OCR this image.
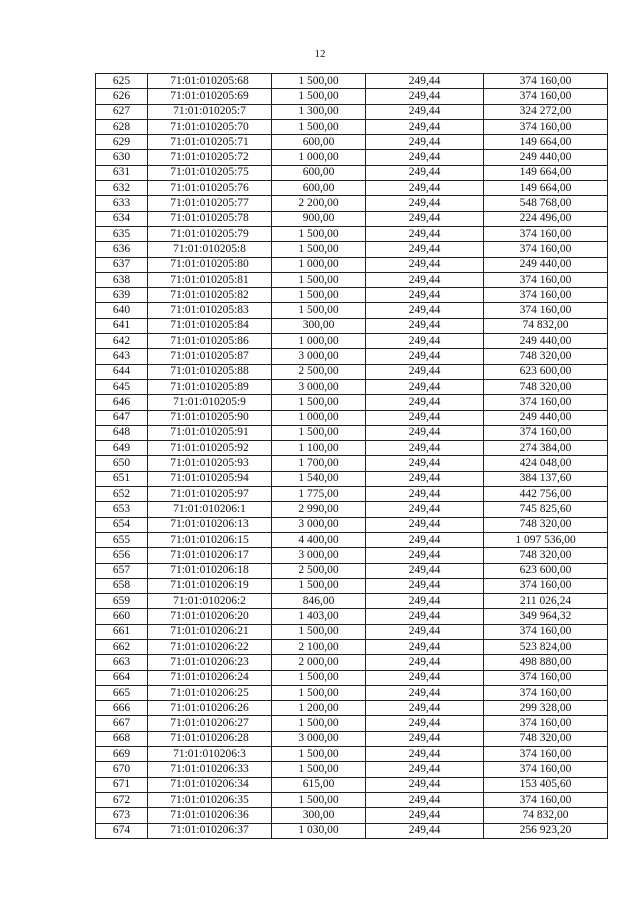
12
625	71:01:010205:68	1 500,00	249,44	374 160,00
626	71:01:010205:69	1 500,00	249,44	374 160,00
627	71:01:010205:7	1 300,00	249,44	324 272,00
628	71:01:010205:70	1 500,00	249,44	374 160,00
629	71:01:010205:71	600,00	249,44	149 664,00
630	71:01:010205:72	1 000,00	249,44	249 440,00
631	71:01:010205:75	600,00	249,44	149 664,00
632	71:01:010205:76	600,00	249,44	149 664,00
633	71:01:010205:77	2 200,00	249,44	548 768,00
634	71:01:010205:78	900,00	249,44	224 496,00
635	71:01:010205:79	1 500,00	249,44	374 160,00
636	71:01:010205:8	1 500,00	249,44	374 160,00
637	71:01:010205:80	1 000,00	249,44	249 440,00
638	71:01:010205:81	1 500,00	249,44	374 160,00
639	71:01:010205:82	1 500,00	249,44	374 160,00
640	71:01:010205:83	1 500,00	249,44	374 160,00
641	71:01:010205:84	300,00	249,44	74 832,00
642	71:01:010205:86	1 000,00	249,44	249 440,00
643	71:01:010205:87	3 000,00	249,44	748 320,00
644	71:01:010205:88	2 500,00	249,44	623 600,00
645	71:01:010205:89	3 000,00	249,44	748 320,00
646	71:01:010205:9	1 500,00	249,44	374 160,00
647	71:01:010205:90	1 000,00	249,44	249 440,00
648	71:01:010205:91	1 500,00	249,44	374 160,00
649	71:01:010205:92	1 100,00	249,44	274 384,00
650	71:01:010205:93	1 700,00	249,44	424 048,00
651	71:01:010205:94	1 540,00	249,44	384 137,60
652	71:01:010205:97	1 775,00	249,44	442 756,00
653	71:01:010206:1	2 990,00	249,44	745 825,60
654	71:01:010206:13	3 000,00	249,44	748 320,00
655	71:01:010206:15	4 400,00	249,44	1 097 536,00
656	71:01:010206:17	3 000,00	249,44	748 320,00
657	71:01:010206:18	2 500,00	249,44	623 600,00
658	71:01:010206:19	1 500,00	249,44	374 160,00
659	71:01:010206:2	846,00	249,44	211 026,24
660	71:01:010206:20	1 403,00	249,44	349 964,32
661	71:01:010206:21	1 500,00	249,44	374 160,00
662	71:01:010206:22	2 100,00	249,44	523 824,00
663	71:01:010206:23	2 000,00	249,44	498 880,00
664	71:01:010206:24	1 500,00	249,44	374 160,00
665	71:01:010206:25	1 500,00	249,44	374 160,00
666	71:01:010206:26	1 200,00	249,44	299 328,00
667	71:01:010206:27	1 500,00	249,44	374 160,00
668	71:01:010206:28	3 000,00	249,44	748 320,00
669	71:01:010206:3	1 500,00	249,44	374 160,00
670	71:01:010206:33	1 500,00	249,44	374 160,00
671	71:01:010206:34	615,00	249,44	153 405,60
672	71:01:010206:35	1 500,00	249,44	374 160,00
673	71:01:010206:36	300,00	249,44	74 832,00
674	71:01:010206:37	1 030,00	249,44	256 923,20
